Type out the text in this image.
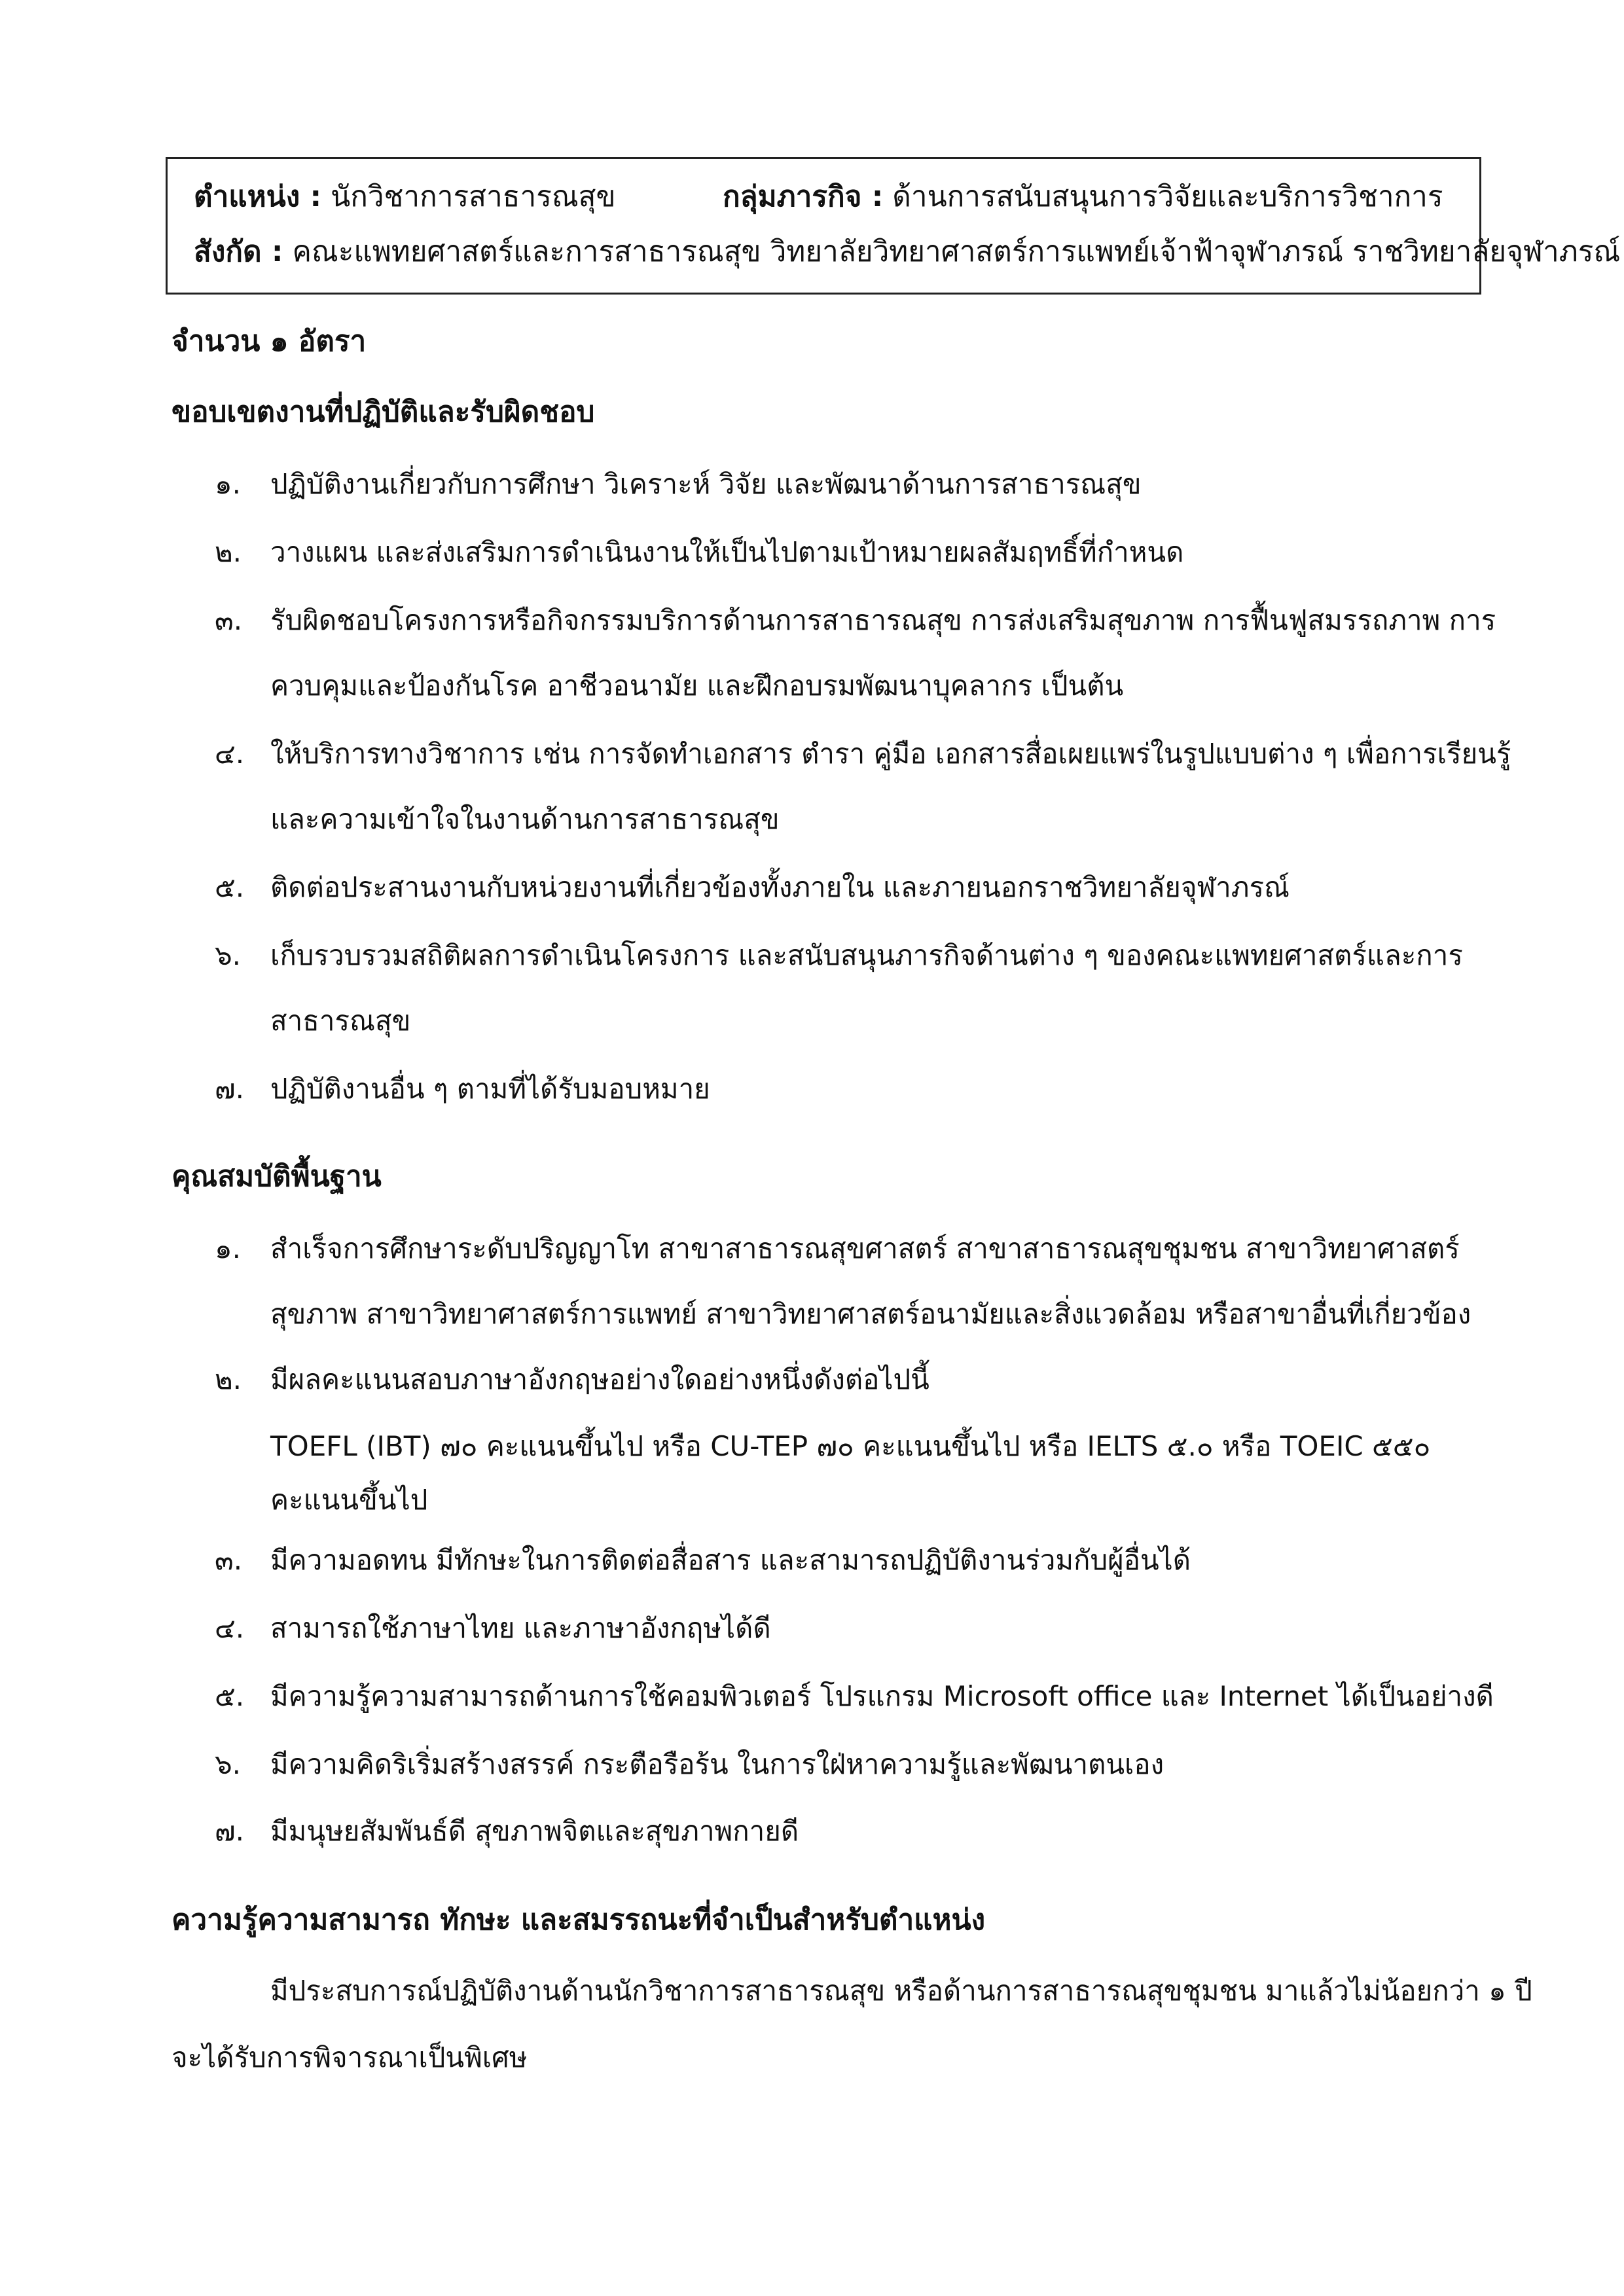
ตำแหน่ง : นักวิชาการสาธารณสุข	กลุ่มภารกิจ : ด้านการสนับสนุนการวิจัยและบริการวิชาการ
สังกัด : คณะแพทยศาสตร์และการสาธารณสุข วิทยาลัยวิทยาศาสตร์การแพทย์เจ้าฟ้าจุฬาภรณ์ ราชวิทยาลัยจุฬาภรณ์
จำนวน ๑ อัตรา
ขอบเขตงานที่ปฏิบัติและรับผิดชอบ
๑. ปฏิบัติงานเกี่ยวกับการศึกษา วิเคราะห์ วิจัย และพัฒนาด้านการสาธารณสุข
๒. วางแผน และส่งเสริมการดำเนินงานให้เป็นไปตามเป้าหมายผลสัมฤทธิ์ที่กำหนด
๓. รับผิดชอบโครงการหรือกิจกรรมบริการด้านการสาธารณสุข การส่งเสริมสุขภาพ การฟื้นฟูสมรรถภาพ การ
ควบคุมและป้องกันโรค อาชีวอนามัย และฝึกอบรมพัฒนาบุคลากร เป็นต้น
๔. ให้บริการทางวิชาการ เช่น การจัดทำเอกสาร ตำรา คู่มือ เอกสารสื่อเผยแพร่ในรูปแบบต่าง ๆ เพื่อการเรียนรู้
และความเข้าใจในงานด้านการสาธารณสุข
๕. ติดต่อประสานงานกับหน่วยงานที่เกี่ยวข้องทั้งภายใน และภายนอกราชวิทยาลัยจุฬาภรณ์
๖. เก็บรวบรวมสถิติผลการดำเนินโครงการ และสนับสนุนภารกิจด้านต่าง ๆ ของคณะแพทยศาสตร์และการ
สาธารณสุข
๗. ปฏิบัติงานอื่น ๆ ตามที่ได้รับมอบหมาย
คุณสมบัติพื้นฐาน
๑. สำเร็จการศึกษาระดับปริญญาโท สาขาสาธารณสุขศาสตร์ สาขาสาธารณสุขชุมชน สาขาวิทยาศาสตร์
สุขภาพ สาขาวิทยาศาสตร์การแพทย์ สาขาวิทยาศาสตร์อนามัยและสิ่งแวดล้อม หรือสาขาอื่นที่เกี่ยวข้อง
๒. มีผลคะแนนสอบภาษาอังกฤษอย่างใดอย่างหนึ่งดังต่อไปนี้
TOEFL (IBT) ๗๐ คะแนนขึ้นไป หรือ CU-TEP ๗๐ คะแนนขึ้นไป หรือ IELTS ๕.๐ หรือ TOEIC ๕๕๐
คะแนนขึ้นไป
๓. มีความอดทน มีทักษะในการติดต่อสื่อสาร และสามารถปฏิบัติงานร่วมกับผู้อื่นได้
๔. สามารถใช้ภาษาไทย และภาษาอังกฤษได้ดี
๕. มีความรู้ความสามารถด้านการใช้คอมพิวเตอร์ โปรแกรม Microsoft office และ Internet ได้เป็นอย่างดี
๖. มีความคิดริเริ่มสร้างสรรค์ กระตือรือร้น ในการใฝ่หาความรู้และพัฒนาตนเอง
๗. มีมนุษยสัมพันธ์ดี สุขภาพจิตและสุขภาพกายดี
ความรู้ความสามารถ ทักษะ และสมรรถนะที่จำเป็นสำหรับตำแหน่ง
มีประสบการณ์ปฏิบัติงานด้านนักวิชาการสาธารณสุข หรือด้านการสาธารณสุขชุมชน มาแล้วไม่น้อยกว่า ๑ ปี
จะได้รับการพิจารณาเป็นพิเศษ
